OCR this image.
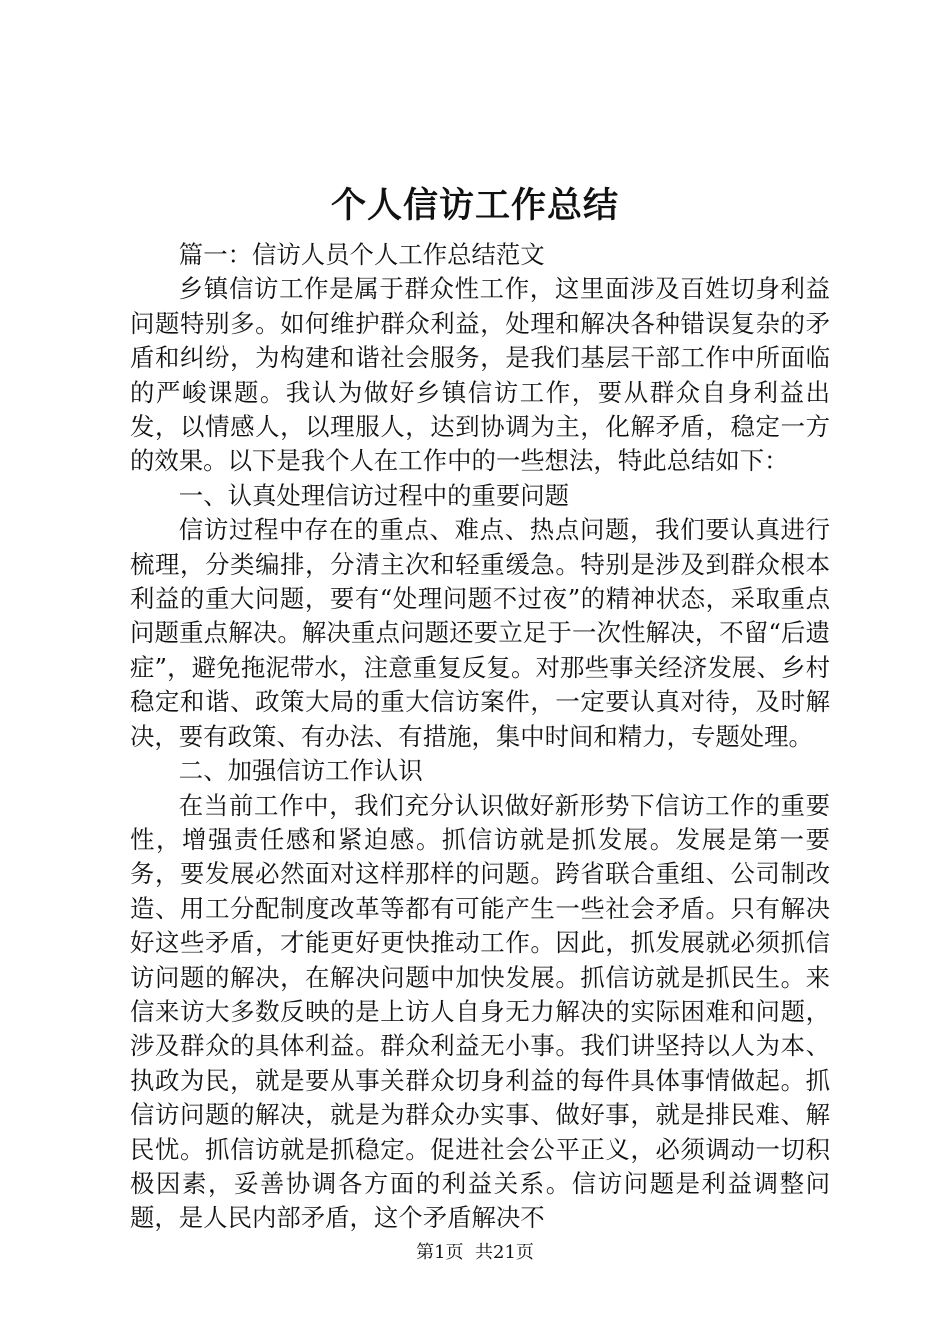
个人信访工作总结

篇一：信访人员个人工作总结范文

乡镇信访工作是属于群众性工作，这里面涉及百姓切身利益问题特别多。如何维护群众利益，处理和解决各种错误复杂的矛盾和纠纷，为构建和谐社会服务，是我们基层干部工作中所面临的严峻课题。我认为做好乡镇信访工作，要从群众自身利益出发，以情感人，以理服人，达到协调为主，化解矛盾，稳定一方的效果。以下是我个人在工作中的一些想法，特此总结如下：

一、认真处理信访过程中的重要问题

信访过程中存在的重点、难点、热点问题，我们要认真进行梳理，分类编排，分清主次和轻重缓急。特别是涉及到群众根本利益的重大问题，要有“处理问题不过夜”的精神状态，采取重点问题重点解决。解决重点问题还要立足于一次性解决，不留“后遗症”，避免拖泥带水，注意重复反复。对那些事关经济发展、乡村稳定和谐、政策大局的重大信访案件，一定要认真对待，及时解决，要有政策、有办法、有措施，集中时间和精力，专题处理。

二、加强信访工作认识

在当前工作中，我们充分认识做好新形势下信访工作的重要性，增强责任感和紧迫感。抓信访就是抓发展。发展是第一要务，要发展必然面对这样那样的问题。跨省联合重组、公司制改造、用工分配制度改革等都有可能产生一些社会矛盾。只有解决好这些矛盾，才能更好更快推动工作。因此，抓发展就必须抓信访问题的解决，在解决问题中加快发展。抓信访就是抓民生。来信来访大多数反映的是上访人自身无力解决的实际困难和问题，涉及群众的具体利益。群众利益无小事。我们讲坚持以人为本、执政为民，就是要从事关群众切身利益的每件具体事情做起。抓信访问题的解决，就是为群众办实事、做好事，就是排民难、解民忧。抓信访就是抓稳定。促进社会公平正义，必须调动一切积极因素，妥善协调各方面的利益关系。信访问题是利益调整问题，是人民内部矛盾，这个矛盾解决不

第1页 共21页
